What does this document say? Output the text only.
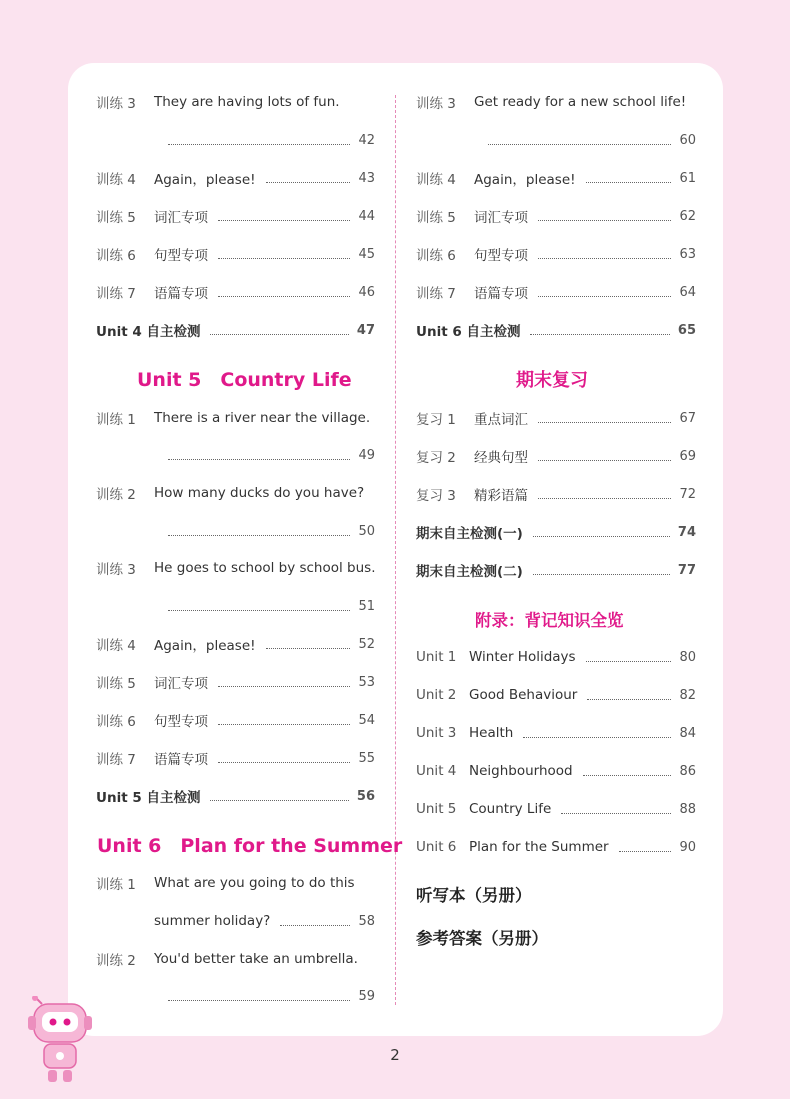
训练 3	They are having lots of fun.
42
训练 4	Again，please!	43
训练 5	词汇专项	44
训练 6	句型专项	45
训练 7	语篇专项	46
Unit 4 自主检测	47
Unit 5　Country Life
训练 1	There is a river near the village.
49
训练 2	How many ducks do you have?
50
训练 3	He goes to school by school bus.
51
训练 4	Again，please!	52
训练 5	词汇专项	53
训练 6	句型专项	54
训练 7	语篇专项	55
Unit 5 自主检测	56
Unit 6　Plan for the Summer
训练 1	What are you going to do this
summer holiday?	58
训练 2	You'd better take an umbrella.
59
训练 3	Get ready for a new school life!
60
训练 4	Again，please!	61
训练 5	词汇专项	62
训练 6	句型专项	63
训练 7	语篇专项	64
Unit 6 自主检测	65
期末复习
复习 1	重点词汇	67
复习 2	经典句型	69
复习 3	精彩语篇	72
期末自主检测(一)	74
期末自主检测(二)	77
附录：背记知识全览
Unit 1 Winter Holidays	80
Unit 2 Good Behaviour	82
Unit 3 Health	84
Unit 4 Neighbourhood	86
Unit 5 Country Life	88
Unit 6 Plan for the Summer	90
听写本（另册）
参考答案（另册）
2
